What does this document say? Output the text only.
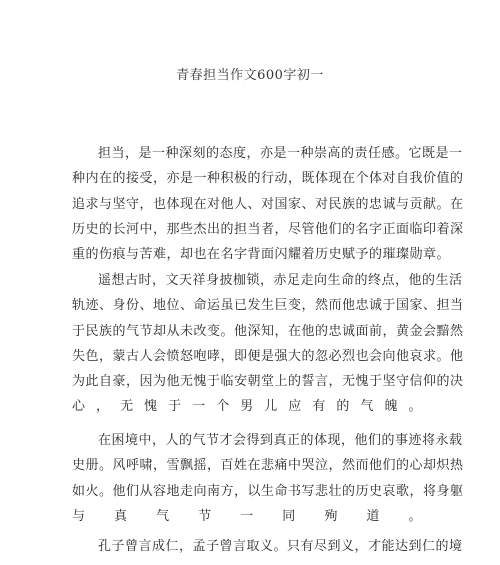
青春担当作文600字初一
担当，是一种深刻的态度，亦是一种崇高的责任感。它既是一
种内在的接受，亦是一种积极的行动，既体现在个体对自我价值的
追求与坚守，也体现在对他人、对国家、对民族的忠诚与贡献。在
历史的长河中，那些杰出的担当者，尽管他们的名字正面临印着深
重的伤痕与苦难，却也在名字背面闪耀着历史赋予的璀璨勋章。
遥想古时，文天祥身披枷锁，赤足走向生命的终点，他的生活
轨迹、身份、地位、命运虽已发生巨变，然而他忠诚于国家、担当
于民族的气节却从未改变。他深知，在他的忠诚面前，黄金会黯然
失色，蒙古人会愤怒咆哮，即便是强大的忽必烈也会向他哀求。他
为此自豪，因为他无愧于临安朝堂上的誓言，无愧于坚守信仰的决
心，无愧于一个男儿应有的气魄。
在困境中，人的气节才会得到真正的体现，他们的事迹将永载
史册。风呼啸，雪飘摇，百姓在悲痛中哭泣，然而他们的心却炽热
如火。他们从容地走向南方，以生命书写悲壮的历史哀歌，将身躯
与真气节一同殉道。
孔子曾言成仁，孟子曾言取义。只有尽到义，才能达到仁的境
